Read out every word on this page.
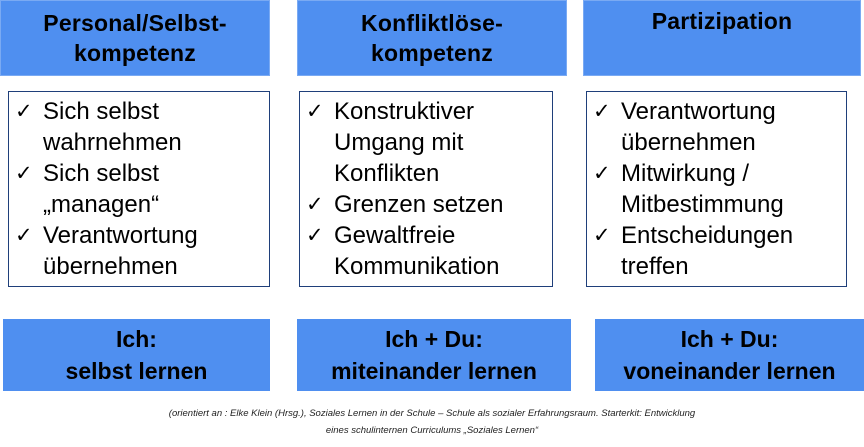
Personal/Selbst-
kompetenz
✓ Sich selbst
wahrnehmen
✓ Sich selbst
„managen“
✓ Verantwortung
übernehmen
Ich:
selbst lernen
Konfliktlöse-
kompetenz
✓ Konstruktiver
Umgang mit
Konflikten
✓ Grenzen setzen
✓ Gewaltfreie
Kommunikation
Ich + Du:
miteinander lernen
Partizipation
✓ Verantwortung
übernehmen
✓ Mitwirkung /
Mitbestimmung
✓ Entscheidungen
treffen
Ich + Du:
voneinander lernen
(orientiert an : Elke Klein (Hrsg.), Soziales Lernen in der Schule – Schule als sozialer Erfahrungsraum. Starterkit: Entwicklung
eines schulinternen Curriculums „Soziales Lernen“
